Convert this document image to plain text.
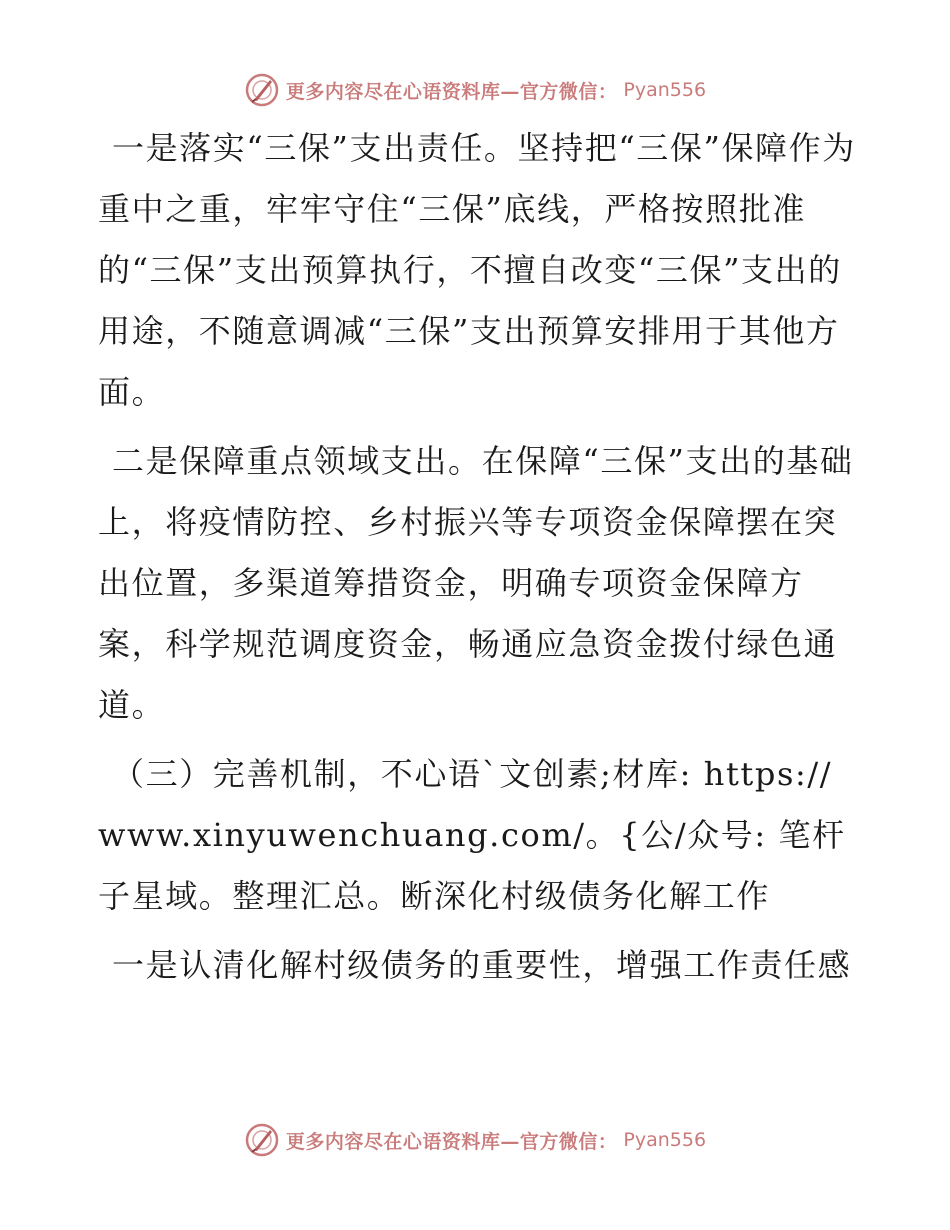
更多内容尽在心语资料库—官方微信： Pyan556

一是落实“三保”支出责任。坚持把“三保”保障作为重中之重，牢牢守住“三保”底线，严格按照批准的“三保”支出预算执行，不擅自改变“三保”支出的用途，不随意调减“三保”支出预算安排用于其他方面。

二是保障重点领域支出。在保障“三保”支出的基础上，将疫情防控、乡村振兴等专项资金保障摆在突出位置，多渠道筹措资金，明确专项资金保障方案，科学规范调度资金，畅通应急资金拨付绿色通道。

（三）完善机制，不心语`文创素;材库: https://www.xinyuwenchuang.com/。{公/众号: 笔杆子星域。整理汇总。断深化村级债务化解工作

一是认清化解村级债务的重要性，增强工作责任感

更多内容尽在心语资料库—官方微信： Pyan556
